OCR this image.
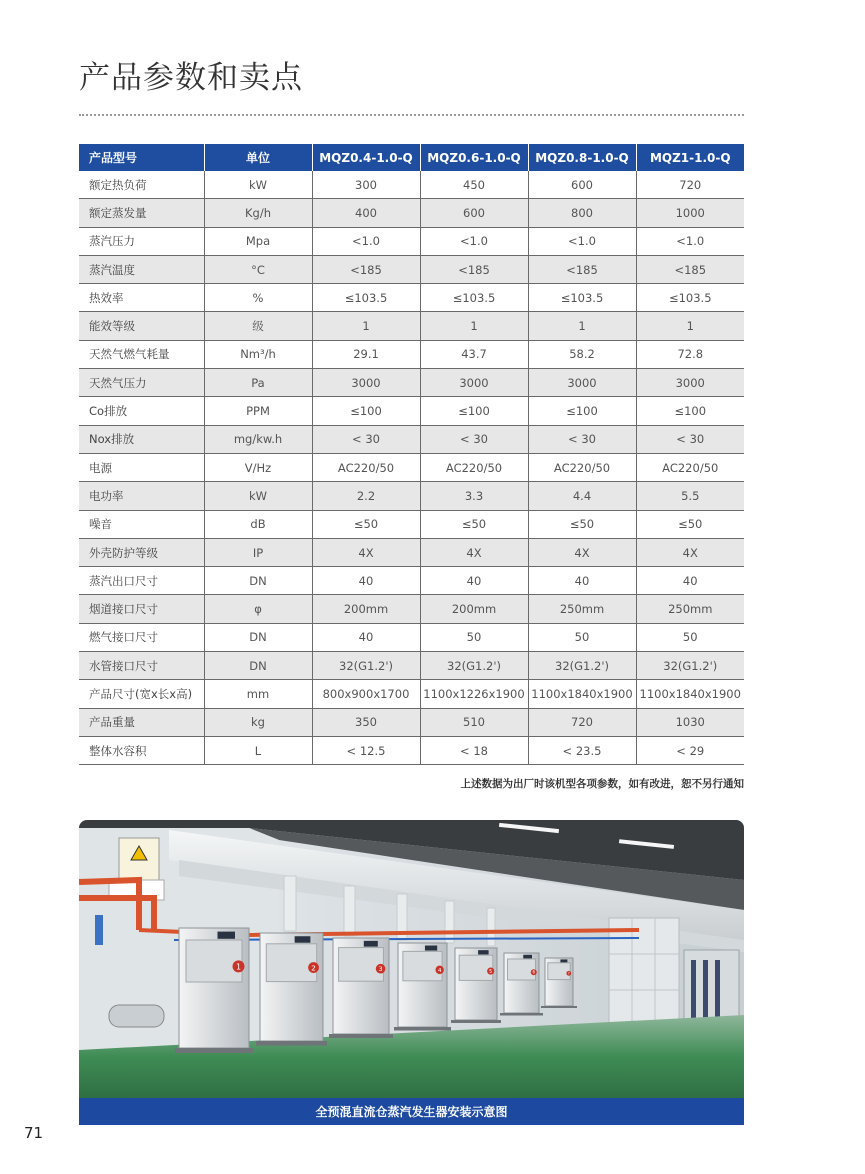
产品参数和卖点
产品型号	单位	MQZ0.4-1.0-Q	MQZ0.6-1.0-Q	MQZ0.8-1.0-Q	MQZ1-1.0-Q
额定热负荷	kW	300	450	600	720
额定蒸发量	Kg/h	400	600	800	1000
蒸汽压力	Mpa	<1.0	<1.0	<1.0	<1.0
蒸汽温度	°C	<185	<185	<185	<185
热效率	%	≤103.5	≤103.5	≤103.5	≤103.5
能效等级	级	1	1	1	1
天然气燃气耗量	Nm³/h	29.1	43.7	58.2	72.8
天然气压力	Pa	3000	3000	3000	3000
Co排放	PPM	≤100	≤100	≤100	≤100
Nox排放	mg/kw.h	< 30	< 30	< 30	< 30
电源	V/Hz	AC220/50	AC220/50	AC220/50	AC220/50
电功率	kW	2.2	3.3	4.4	5.5
噪音	dB	≤50	≤50	≤50	≤50
外壳防护等级	IP	4X	4X	4X	4X
蒸汽出口尺寸	DN	40	40	40	40
烟道接口尺寸	φ	200mm	200mm	250mm	250mm
燃气接口尺寸	DN	40	50	50	50
水管接口尺寸	DN	32(G1.2')	32(G1.2')	32(G1.2')	32(G1.2')
产品尺寸(宽x长x高)	mm	800x900x1700	1100x1226x1900	1100x1840x1900	1100x1840x1900
产品重量	kg	350	510	720	1030
整体水容积	L	< 12.5	< 18	< 23.5	< 29
上述数据为出厂时该机型各项参数，如有改进，恕不另行通知
1	2	3	4	5	6	7
全预混直流仓蒸汽发生器安装示意图
71
